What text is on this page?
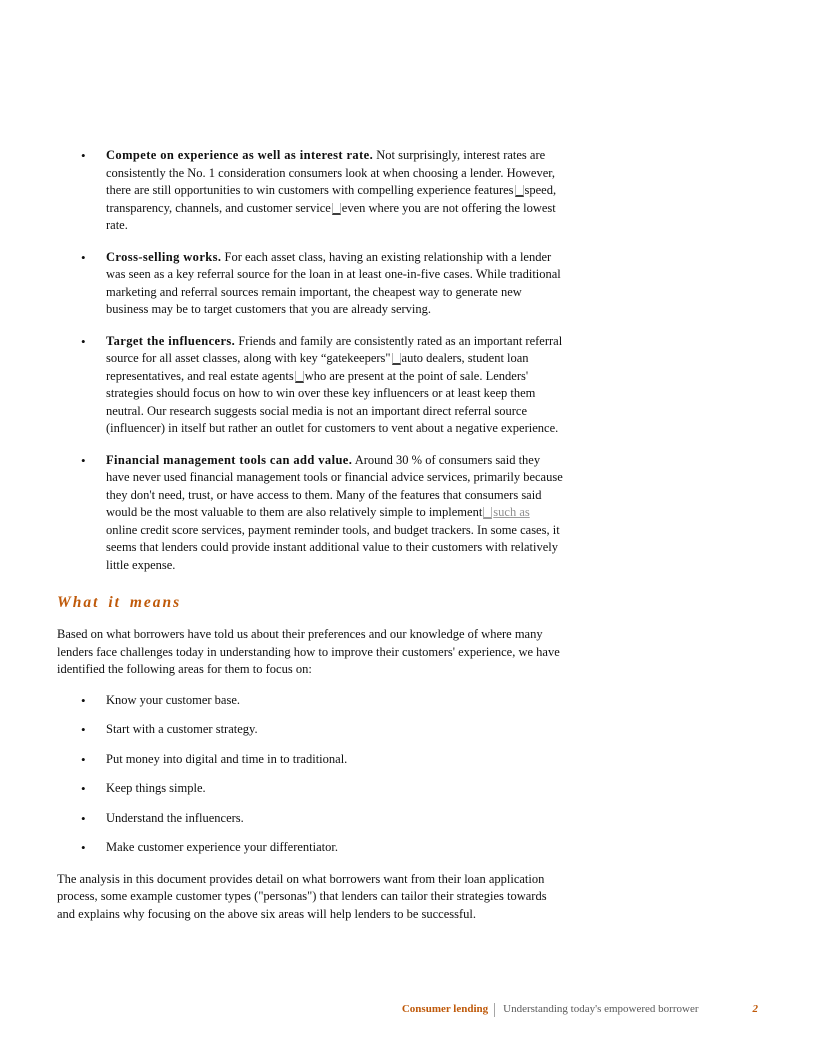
• Compete on experience as well as interest rate. Not surprisingly, interest rates are consistently the No. 1 consideration consumers look at when choosing a lender. However, there are still opportunities to win customers with compelling experience features speed, transparency, channels, and customer service even where you are not offering the lowest rate.
• Cross-selling works. For each asset class, having an existing relationship with a lender was seen as a key referral source for the loan in at least one-in-five cases. While traditional marketing and referral sources remain important, the cheapest way to generate new business may be to target customers that you are already serving.
• Target the influencers. Friends and family are consistently rated as an important referral source for all asset classes, along with key “gatekeepers" auto dealers, student loan representatives, and real estate agents who are present at the point of sale. Lenders' strategies should focus on how to win over these key influencers or at least keep them neutral. Our research suggests social media is not an important direct referral source (influencer) in itself but rather an outlet for customers to vent about a negative experience.
• Financial management tools can add value. Around 30 % of consumers said they have never used financial management tools or financial advice services, primarily because they don't need, trust, or have access to them. Many of the features that consumers said would be the most valuable to them are also relatively simple to implement such as online credit score services, payment reminder tools, and budget trackers. In some cases, it seems that lenders could provide instant additional value to their customers with relatively little expense.
What it means

Based on what borrowers have told us about their preferences and our knowledge of where many lenders face challenges today in understanding how to improve their customers' experience, we have identified the following areas for them to focus on:

• Know your customer base.
• Start with a customer strategy.
• Put money into digital and time in to traditional.
• Keep things simple.
• Understand the influencers.
• Make customer experience your differentiator.

The analysis in this document provides detail on what borrowers want from their loan application process, some example customer types ("personas") that lenders can tailor their strategies towards and explains why focusing on the above six areas will help lenders to be successful.

Consumer lending Understanding today's empowered borrower	2
